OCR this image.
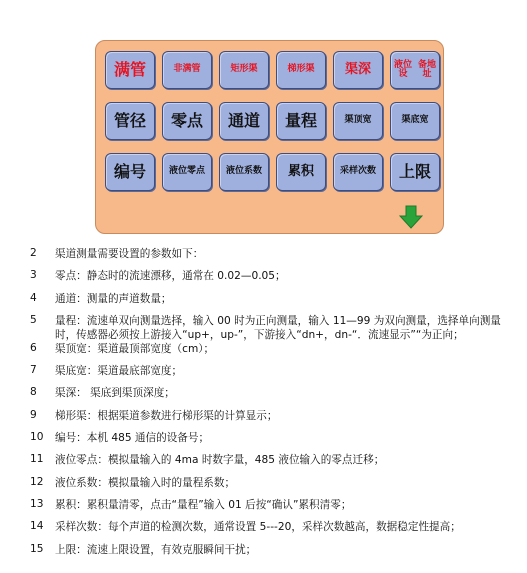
满管	非满管	矩形渠	梯形渠 渠深	液位设
备地址
管径 零点 通道 量程	渠顶宽	渠底宽
编号	液位 零点 液位 系数 累积	采样 次数 上限
2	渠道测量需要设置的参数如下：
3	零点：静态时的流速漂移，通常在 0.02—0.05；
4	通道：测量的声道数量；
5	量程：流速单双向测量选择，输入 00 时为正向测量，输入 11—99 为双向测量，选择单向测量时，传感器必须按上游接入“up+，up-”，下游接入“dn+，dn-“．流速显示”“为正向；
6	渠顶宽：渠道最顶部宽度（cm）；
7	渠底宽：渠道最底部宽度；
8	渠深： 渠底到渠顶深度；
9	梯形渠：根据渠道参数进行梯形渠的计算显示；
10	编号：本机 485 通信的设备号；
11	液位零点：模拟量输入的 4ma 时数字量，485 液位输入的零点迁移；
12	液位系数：模拟量输入时的量程系数；
13	累积：累积量清零，点击“量程”输入 01 后按“确认”累积清零；
14	采样次数：每个声道的检测次数，通常设置 5---20，采样次数越高，数据稳定性提高；
15	上限：流速上限设置，有效克服瞬间干扰；
